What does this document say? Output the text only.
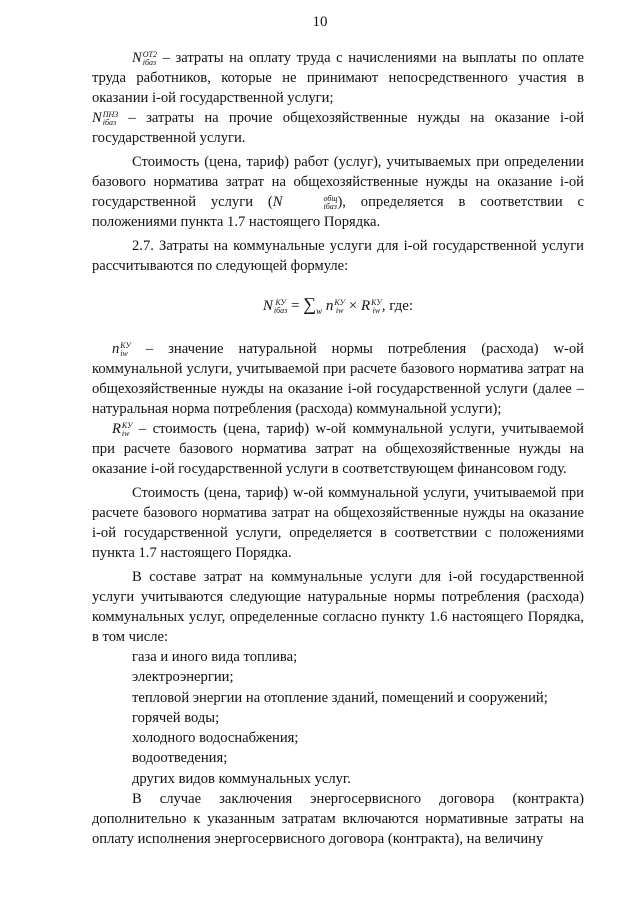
10

N ОТ2
iбаз – затраты на оплату труда с начислениями на выплаты по оплате труда работников, которые не принимают непосредственного участия в оказании i-ой государственной услуги;

N ПНЗ
iбаз – затраты на прочие общехозяйственные нужды на оказание i-ой государственной услуги.

Стоимость (цена, тариф) работ (услуг), учитываемых при определении базового норматива затрат на общехозяйственные нужды на оказание i-ой государственной услуги (N	общ
iбаз ), определяется в соответствии с положениями пункта 1.7 настоящего Порядка.

2.7. Затраты на коммунальные услуги для i-ой государственной услуги рассчитываются по следующей формуле:

N КУ
iбаз = $\sum_w$ n КУ
iw × R КУ
iw , где:

n КУ
iw – значение натуральной нормы потребления (расхода) w-ой коммунальной услуги, учитываемой при расчете базового норматива затрат на общехозяйственные нужды на оказание i-ой государственной услуги (далее – натуральная норма потребления (расхода) коммунальной услуги);

R КУ
iw – стоимость (цена, тариф) w-ой коммунальной услуги, учитываемой при расчете базового норматива затрат на общехозяйственные нужды на оказание i-ой государственной услуги в соответствующем финансовом году.

Стоимость (цена, тариф) w-ой коммунальной услуги, учитываемой при расчете базового норматива затрат на общехозяйственные нужды на оказание i-ой государственной услуги, определяется в соответствии с положениями пункта 1.7 настоящего Порядка.

В составе затрат на коммунальные услуги для i-ой государственной услуги учитываются следующие натуральные нормы потребления (расхода) коммунальных услуг, определенные согласно пункту 1.6 настоящего Порядка, в том числе:

газа и иного вида топлива;

электроэнергии;

тепловой энергии на отопление зданий, помещений и сооружений;

горячей воды;

холодного водоснабжения;

водоотведения;

других видов коммунальных услуг.

В случае заключения энергосервисного договора (контракта) дополнительно к указанным затратам включаются нормативные затраты на оплату исполнения энергосервисного договора (контракта), на величину
